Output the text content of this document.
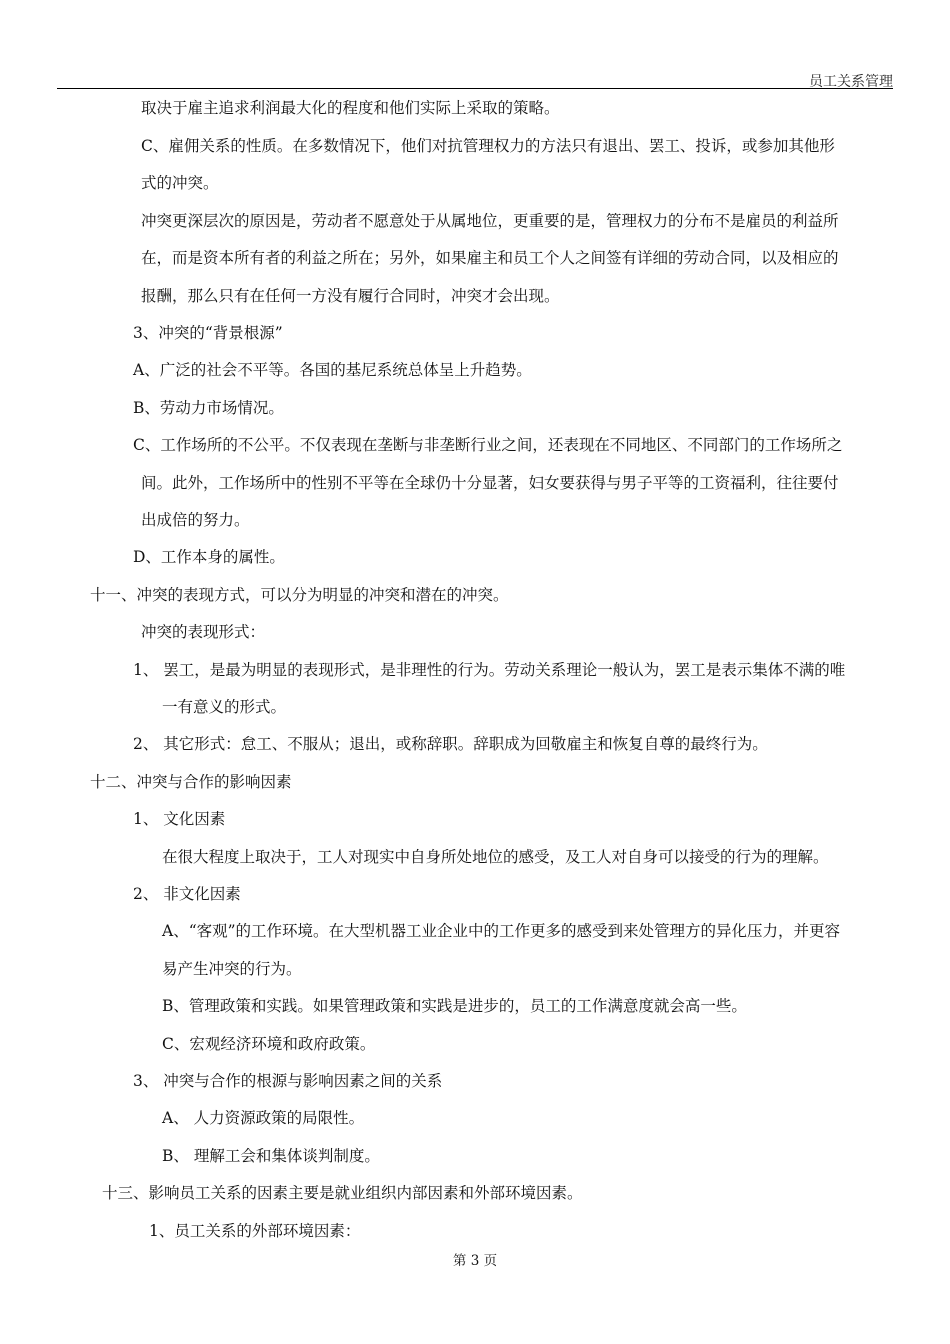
员工关系管理
取决于雇主追求利润最大化的程度和他们实际上采取的策略。
C、雇佣关系的性质。在多数情况下，他们对抗管理权力的方法只有退出、罢工、投诉，或参加其他形
式的冲突。
冲突更深层次的原因是，劳动者不愿意处于从属地位，更重要的是，管理权力的分布不是雇员的利益所
在，而是资本所有者的利益之所在；另外，如果雇主和员工个人之间签有详细的劳动合同，以及相应的
报酬，那么只有在任何一方没有履行合同时，冲突才会出现。
3、冲突的“背景根源”
A、广泛的社会不平等。各国的基尼系统总体呈上升趋势。
B、劳动力市场情况。
C、工作场所的不公平。不仅表现在垄断与非垄断行业之间，还表现在不同地区、不同部门的工作场所之
间。此外，工作场所中的性别不平等在全球仍十分显著，妇女要获得与男子平等的工资福利，往往要付
出成倍的努力。
D、工作本身的属性。
十一、冲突的表现方式，可以分为明显的冲突和潜在的冲突。
冲突的表现形式：
1、 罢工，是最为明显的表现形式，是非理性的行为。劳动关系理论一般认为，罢工是表示集体不满的唯
一有意义的形式。
2、 其它形式：怠工、不服从；退出，或称辞职。辞职成为回敬雇主和恢复自尊的最终行为。
十二、冲突与合作的影响因素
1、 文化因素
在很大程度上取决于，工人对现实中自身所处地位的感受，及工人对自身可以接受的行为的理解。
2、 非文化因素
A、“客观”的工作环境。在大型机器工业企业中的工作更多的感受到来处管理方的异化压力，并更容
易产生冲突的行为。
B、管理政策和实践。如果管理政策和实践是进步的，员工的工作满意度就会高一些。
C、宏观经济环境和政府政策。
3、 冲突与合作的根源与影响因素之间的关系
A、 人力资源政策的局限性。
B、 理解工会和集体谈判制度。
十三、影响员工关系的因素主要是就业组织内部因素和外部环境因素。
1、员工关系的外部环境因素：
第 3 页
